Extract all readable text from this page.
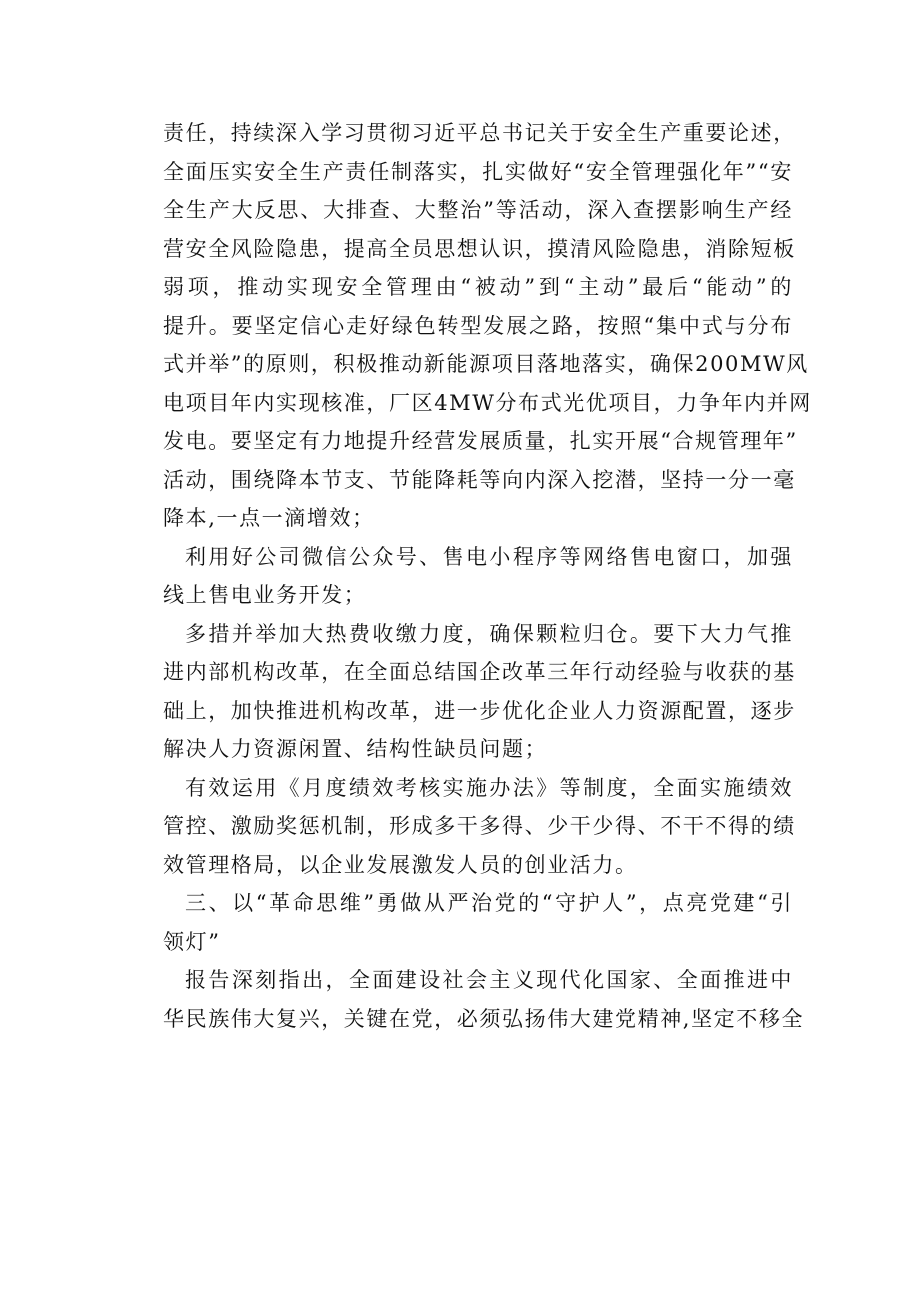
责任，持续深入学习贯彻习近平总书记关于安全生产重要论述，
全面压实安全生产责任制落实，扎实做好“安全管理强化年”“安
全生产大反思、大排查、大整治”等活动，深入查摆影响生产经
营安全风险隐患，提高全员思想认识，摸清风险隐患，消除短板
弱项，推动实现安全管理由“被动”到“主动”最后“能动”的
提升。要坚定信心走好绿色转型发展之路，按照“集中式与分布
式并举”的原则，积极推动新能源项目落地落实，确保200MW风
电项目年内实现核准，厂区4MW分布式光优项目，力争年内并网
发电。要坚定有力地提升经营发展质量，扎实开展“合规管理年”
活动，围绕降本节支、节能降耗等向内深入挖潜，坚持一分一毫
降本,一点一滴增效；
利用好公司微信公众号、售电小程序等网络售电窗口，加强
线上售电业务开发；
多措并举加大热费收缴力度，确保颗粒归仓。要下大力气推
进内部机构改革，在全面总结国企改革三年行动经验与收获的基
础上，加快推进机构改革，进一步优化企业人力资源配置，逐步
解决人力资源闲置、结构性缺员问题；
有效运用《月度绩效考核实施办法》等制度，全面实施绩效
管控、激励奖惩机制，形成多干多得、少干少得、不干不得的绩
效管理格局，以企业发展激发人员的创业活力。
三、以“革命思维”勇做从严治党的“守护人”，点亮党建“引
领灯”
报告深刻指出，全面建设社会主义现代化国家、全面推进中
华民族伟大复兴，关键在党，必须弘扬伟大建党精神,坚定不移全
